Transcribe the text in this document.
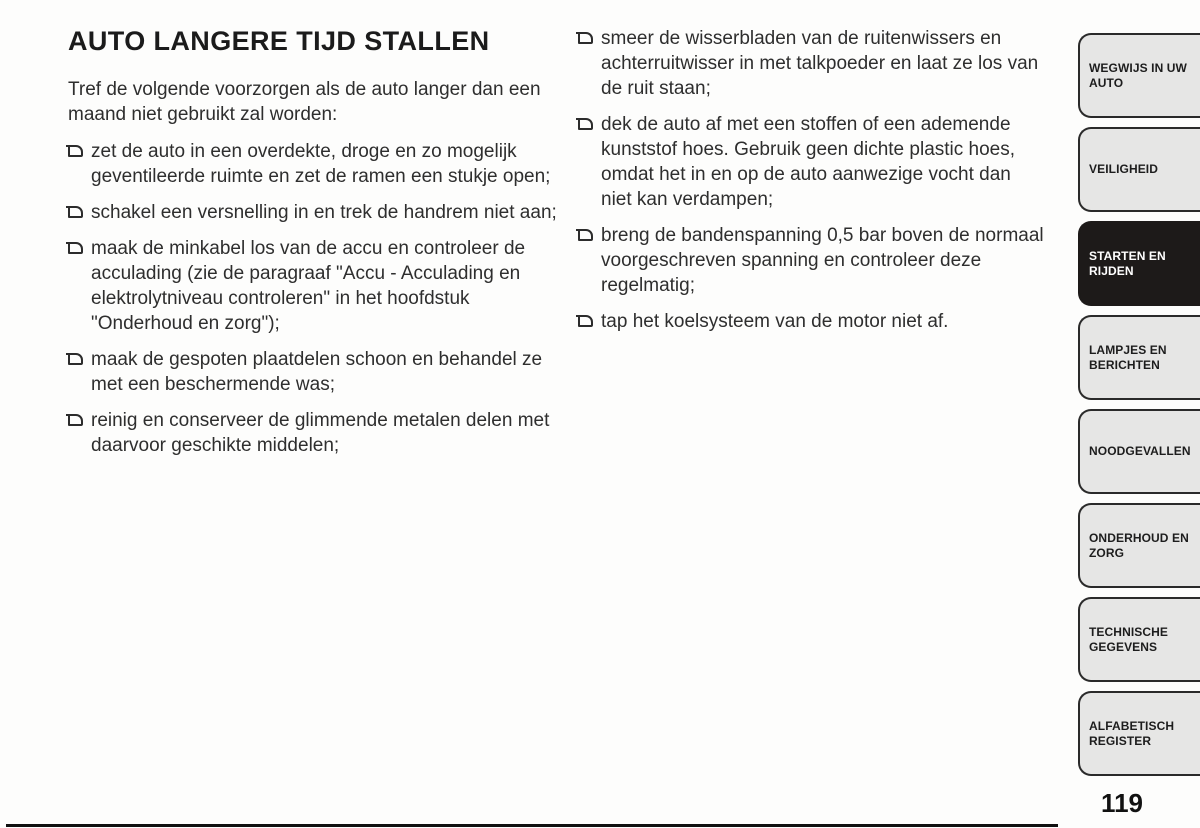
AUTO LANGERE TIJD STALLEN

Tref de volgende voorzorgen als de auto langer dan een maand niet gebruikt zal worden:

zet de auto in een overdekte, droge en zo mogelijk geventileerde ruimte en zet de ramen een stukje open;
schakel een versnelling in en trek de handrem niet aan;
maak de minkabel los van de accu en controleer de acculading (zie de paragraaf "Accu - Acculading en elektrolytniveau controleren" in het hoofdstuk "Onderhoud en zorg");
maak de gespoten plaatdelen schoon en behandel ze met een beschermende was;
reinig en conserveer de glimmende metalen delen met daarvoor geschikte middelen;
smeer de wisserbladen van de ruitenwissers en achterruitwisser in met talkpoeder en laat ze los van de ruit staan;
dek de auto af met een stoffen of een ademende kunststof hoes. Gebruik geen dichte plastic hoes, omdat het in en op de auto aanwezige vocht dan niet kan verdampen;
breng de bandenspanning 0,5 bar boven de normaal voorgeschreven spanning en controleer deze regelmatig;
tap het koelsysteem van de motor niet af.
WEGWIJS IN UW AUTO
VEILIGHEID
STARTEN EN RIJDEN
LAMPJES EN BERICHTEN
NOODGEVALLEN
ONDERHOUD EN ZORG
TECHNISCHE GEGEVENS
ALFABETISCH REGISTER
119
